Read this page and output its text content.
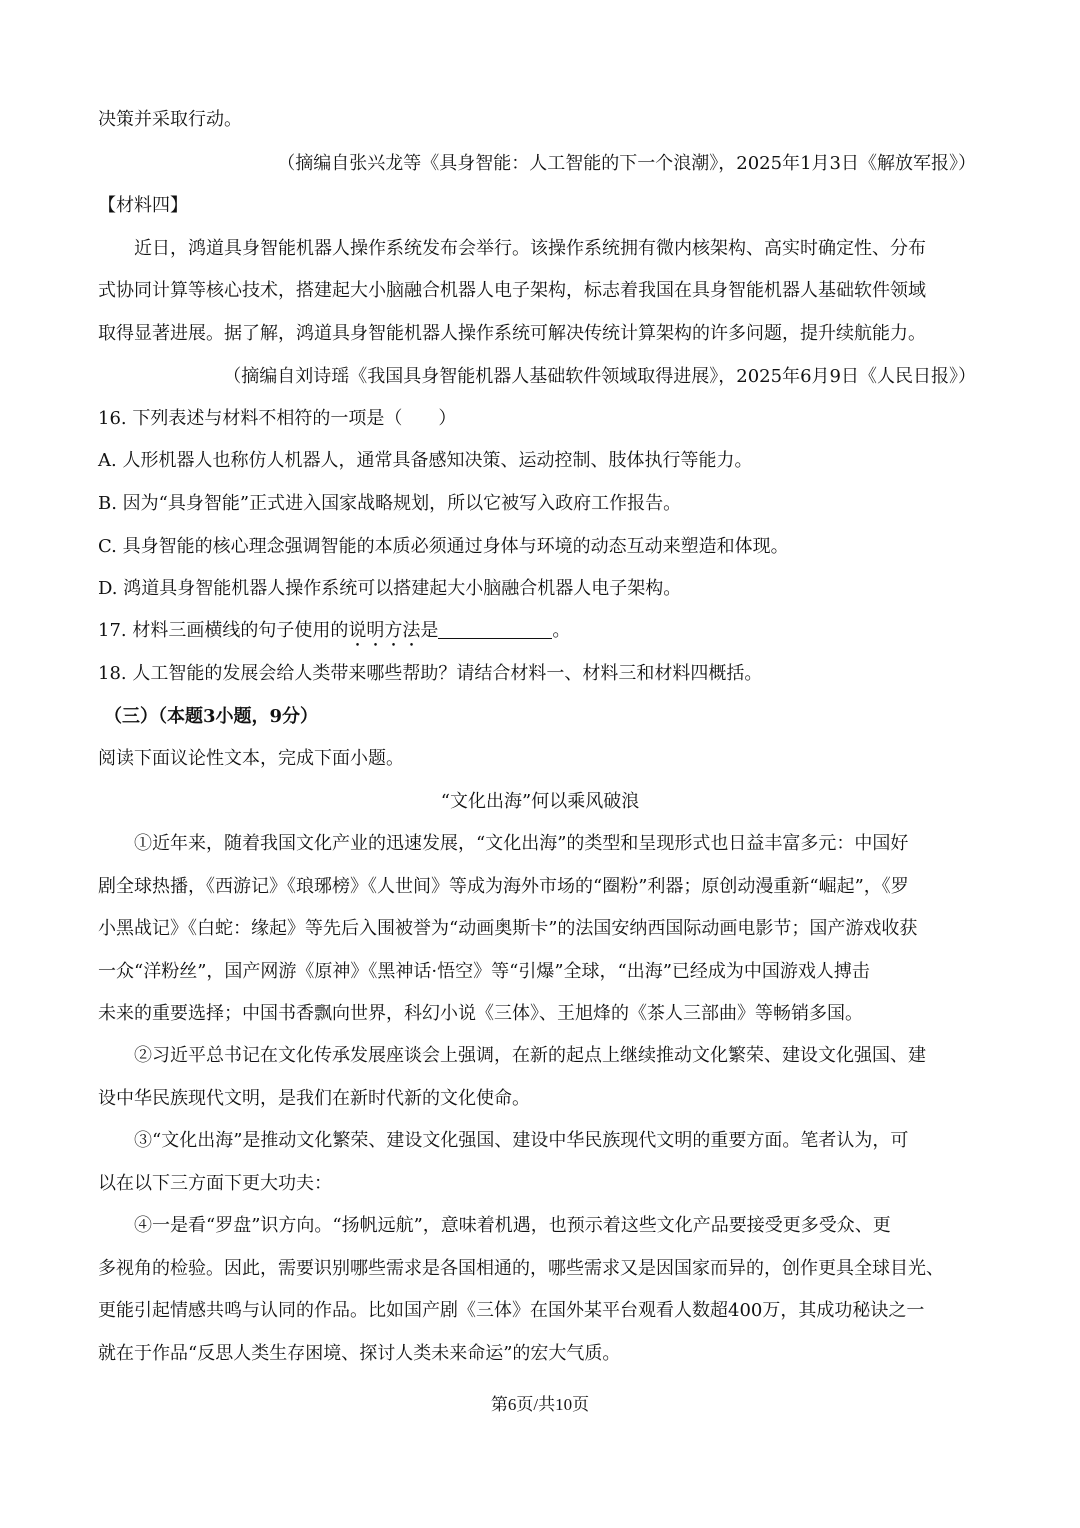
决策并采取行动。
（摘编自张兴龙等《具身智能：人工智能的下一个浪潮》，2025年1月3日《解放军报》）
【材料四】
近日，鸿道具身智能机器人操作系统发布会举行。该操作系统拥有微内核架构、高实时确定性、分布
式协同计算等核心技术，搭建起大小脑融合机器人电子架构，标志着我国在具身智能机器人基础软件领域
取得显著进展。据了解，鸿道具身智能机器人操作系统可解决传统计算架构的许多问题，提升续航能力。
（摘编自刘诗瑶《我国具身智能机器人基础软件领域取得进展》，2025年6月9日《人民日报》）
16. 下列表述与材料不相符的一项是（　　）
A. 人形机器人也称仿人机器人，通常具备感知决策、运动控制、肢体执行等能力。
B. 因为“具身智能”正式进入国家战略规划，所以它被写入政府工作报告。
C. 具身智能的核心理念强调智能的本质必须通过身体与环境的动态互动来塑造和体现。
D. 鸿道具身智能机器人操作系统可以搭建起大小脑融合机器人电子架构。
17. 材料三画横线的句子使用的说明方法是	。
18. 人工智能的发展会给人类带来哪些帮助？请结合材料一、材料三和材料四概括。
（三）（本题3小题，9分）
阅读下面议论性文本，完成下面小题。
“文化出海”何以乘风破浪
①近年来，随着我国文化产业的迅速发展，“文化出海”的类型和呈现形式也日益丰富多元：中国好
剧全球热播，《西游记》《琅琊榜》《人世间》等成为海外市场的“圈粉”利器；原创动漫重新“崛起”，《罗
小黑战记》《白蛇：缘起》等先后入围被誉为“动画奥斯卡”的法国安纳西国际动画电影节；国产游戏收获
一众“洋粉丝”，国产网游《原神》《黑神话·悟空》等“引爆”全球，“出海”已经成为中国游戏人搏击
未来的重要选择；中国书香飘向世界，科幻小说《三体》、王旭烽的《茶人三部曲》等畅销多国。
②习近平总书记在文化传承发展座谈会上强调，在新的起点上继续推动文化繁荣、建设文化强国、建
设中华民族现代文明，是我们在新时代新的文化使命。
③“文化出海”是推动文化繁荣、建设文化强国、建设中华民族现代文明的重要方面。笔者认为，可
以在以下三方面下更大功夫：
④一是看“罗盘”识方向。“扬帆远航”，意味着机遇，也预示着这些文化产品要接受更多受众、更
多视角的检验。因此，需要识别哪些需求是各国相通的，哪些需求又是因国家而异的，创作更具全球目光、
更能引起情感共鸣与认同的作品。比如国产剧《三体》在国外某平台观看人数超400万，其成功秘诀之一
就在于作品“反思人类生存困境、探讨人类未来命运”的宏大气质。
第6页/共10页
